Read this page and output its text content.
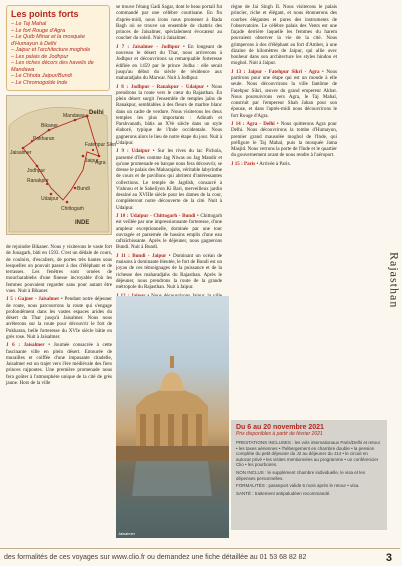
Les points forts
– Le Taj Mahal
– Le fort Rouge d'Agra
– Le Qutb Minar et la mosquée d'Humayun à Delhi
– Jaipur et l'architecture moghole
– Les palais de Jodhpur
– Les riches décors des havelis de Mandawa
– Le Chhota Jaipur/Bundi
– Le Chromogolde Inde
Delhi
Mandawa
Bikaner
Pokharan
Jaisalmer
Jodhpur
Ranakpur
Udaipur
Chittogarh
Bundi
Jaipur
Agra
Fatehpur Sikri
INDE

de rejoindre Bikaner. Nous y visiterons le vaste fort de Junagarh, bâti en 1593. C'est un dédale de cours, de couloirs, d'escaliers, de portes très hautes sous lesquelles on pouvait passer à dos d'éléphant et de terrasses. Les fenêtres sont ornées de moucharabiehs d'une finesse incroyable d'où les femmes pouvaient regarder sans pour autant être vues. Nuit à Bikaner.

J 5 : Gajner - Jaisalmer • Pendant notre déjeuner de route, nous parcourrons la route qui s'engage profondément dans les vastes espaces arides du désert du Thar jusqu'à Jaisalmer. Nous nous arrêterons sur la route pour découvrir le fort de Pokharan, belle forteresse du XVIe siècle bâtie en grès rose. Nuit à Jaisalmer.

J 6 : Jaisalmer • Journée consacrée à cette fascinante ville en plein désert. Entourée de murailles et coiffée d'une imposante citadelle, Jaisalmer est un trajet vers l'ère médiévale des fiers princes rajpoutes. Une première promenade nous fera goûter à l'atmosphère unique de la cité de grès jaune. Hors de la ville

se trouve l'étang Gadi Sagar, dont le beau portail fut commandé par une célèbre courtisane. En fin d'après-midi, nous irons nous promener à Bada Bagh où se trouve un ensemble de chattris des princes de Jaisalmer, spécialement évocateur au coucher du soleil. Nuit à Jaisalmer.

J 7 : Jaisalmer - Jodhpur • En longeant de nouveau le désert du Thar, nous arriverons à Jodhpur et découvrirons sa remarquable forteresse édifiée en 1459 par le prince Jodha : elle serait jusqu'au début du siècle de résidence aux maharadjahs du Marwar. Nuit à Jodhpur.

J 8 : Jodhpur - Ranakpur - Udaipur • Nous prendrons la route vers le cœur du Rajasthan. En plein désert surgit l'ensemble de temples jaïns de Ranakpur, semblables à des fleurs de marbre blanc dans un cadre de verdure. Nous visiterons les deux temples les plus importants : Adinath et Parshvanath, bâtis au XVe siècle dans un style élaboré, typique de l'Inde occidentale. Nous gagnerons alors le lieu de notre étape du jour. Nuit à Udaipur.

J 9 : Udaipur • Sur les rives du lac Pichola, parsemé d'îles comme Jag Niwas ou Jag Mandir et qu'une promenade en barque nous fera découvrir, se dresse le palais des Maharajahs, véritable labyrinthe de cours et de pavillons qui abritent d'intéressantes collections. Le temple de Jagdish, consacré à Vishnou et le Saheliyon Ki Bari, merveilleux jardin dessiné au XVIIIe siècle pour les dames de la cour, compléteront notre découverte de la cité. Nuit à Udaipur.

J 10 : Udaipur - Chittogarh - Bundi • Chittogarh est veillée par une impressionnante forteresse, d'une ampleur exceptionnelle, dominée par une tour ouvragée et parsemée de bassins emplis d'une eau rafraîchissante. Après le déjeuner, nous gagnerons Bundi. Nuit à Bundi.

J 11 : Bundi - Jaipur • Dominant un océan de maisons à dominante bleutée, le fort de Bundi est un joyau de ces témoignages de la puissance et de la richesse des maharadjahs du Rajasthan. Après le déjeuner, nous prendrons la route de la grande métropole du Rajasthan. Nuit à Jaipur.

Jaisalmer

règne de Jai Singh II. Nous visiterons le palais princier, riche et élégant, et nous étonnerons des courbes élégantes et pures des instruments de l'observatoire. Le célèbre palais des Vents est une façade derrière laquelle les femmes du harem pouvaient observer la vie de la cité. Nous grimperons à dos d'éléphant au fort d'Amber, à une dizaine de kilomètres de Jaipur, qui allie avec bonheur dans son architecture les styles hindou et moghol. Nuit à Jaipur.

J 13 : Jaipur - Fatehpur Sikri - Agra • Nous partirons pour une étape qui est un monde à elle seule. Nous découvrirons la ville fantôme de Fatehpur Sikri, œuvre du grand empereur Akbar. Nous poursuivrons vers Agra, le Taj Mahal, construit par l'empereur Shah Jahan pour son épouse, et dans l'après-midi nous découvrirons le fort Rouge d'Agra.

J 14 : Agra - Delhi • Nous quitterons Agra pour Delhi. Nous découvrirons la tombe d'Humayun, premier grand mausolée moghol de l'Inde, qui préfigure le Taj Mahal, puis la mosquée Jama Masjid. Nous verrons la porte de l'Inde et le quartier du gouvernement avant de nous rendre à l'aéroport.

J 15 : Paris • Arrivée à Paris.

Rajasthan
Du 6 au 20 novembre 2021
Prix disponibles à partir de février 2021

PRESTATIONS INCLUSES : les vols internationaux Paris/Delhi et retour • les taxes aériennes • l'hébergement en chambre double • la pension complète du petit déjeuner du J2 au déjeuner du J14 • le circuit en autocar privé • les visites mentionnées au programme • un conférencier Clio • les pourboires.

NON INCLUS : le supplément chambre individuelle, le visa et les dépenses personnelles.

FORMALITÉS : passeport valide 6 mois après le retour • visa.

SANTÉ : traitement antipaludéen recommandé.

des formalités de ces voyages sur www.clio.fr ou demandez une fiche détaillée au 01 53 68 82 82	3
